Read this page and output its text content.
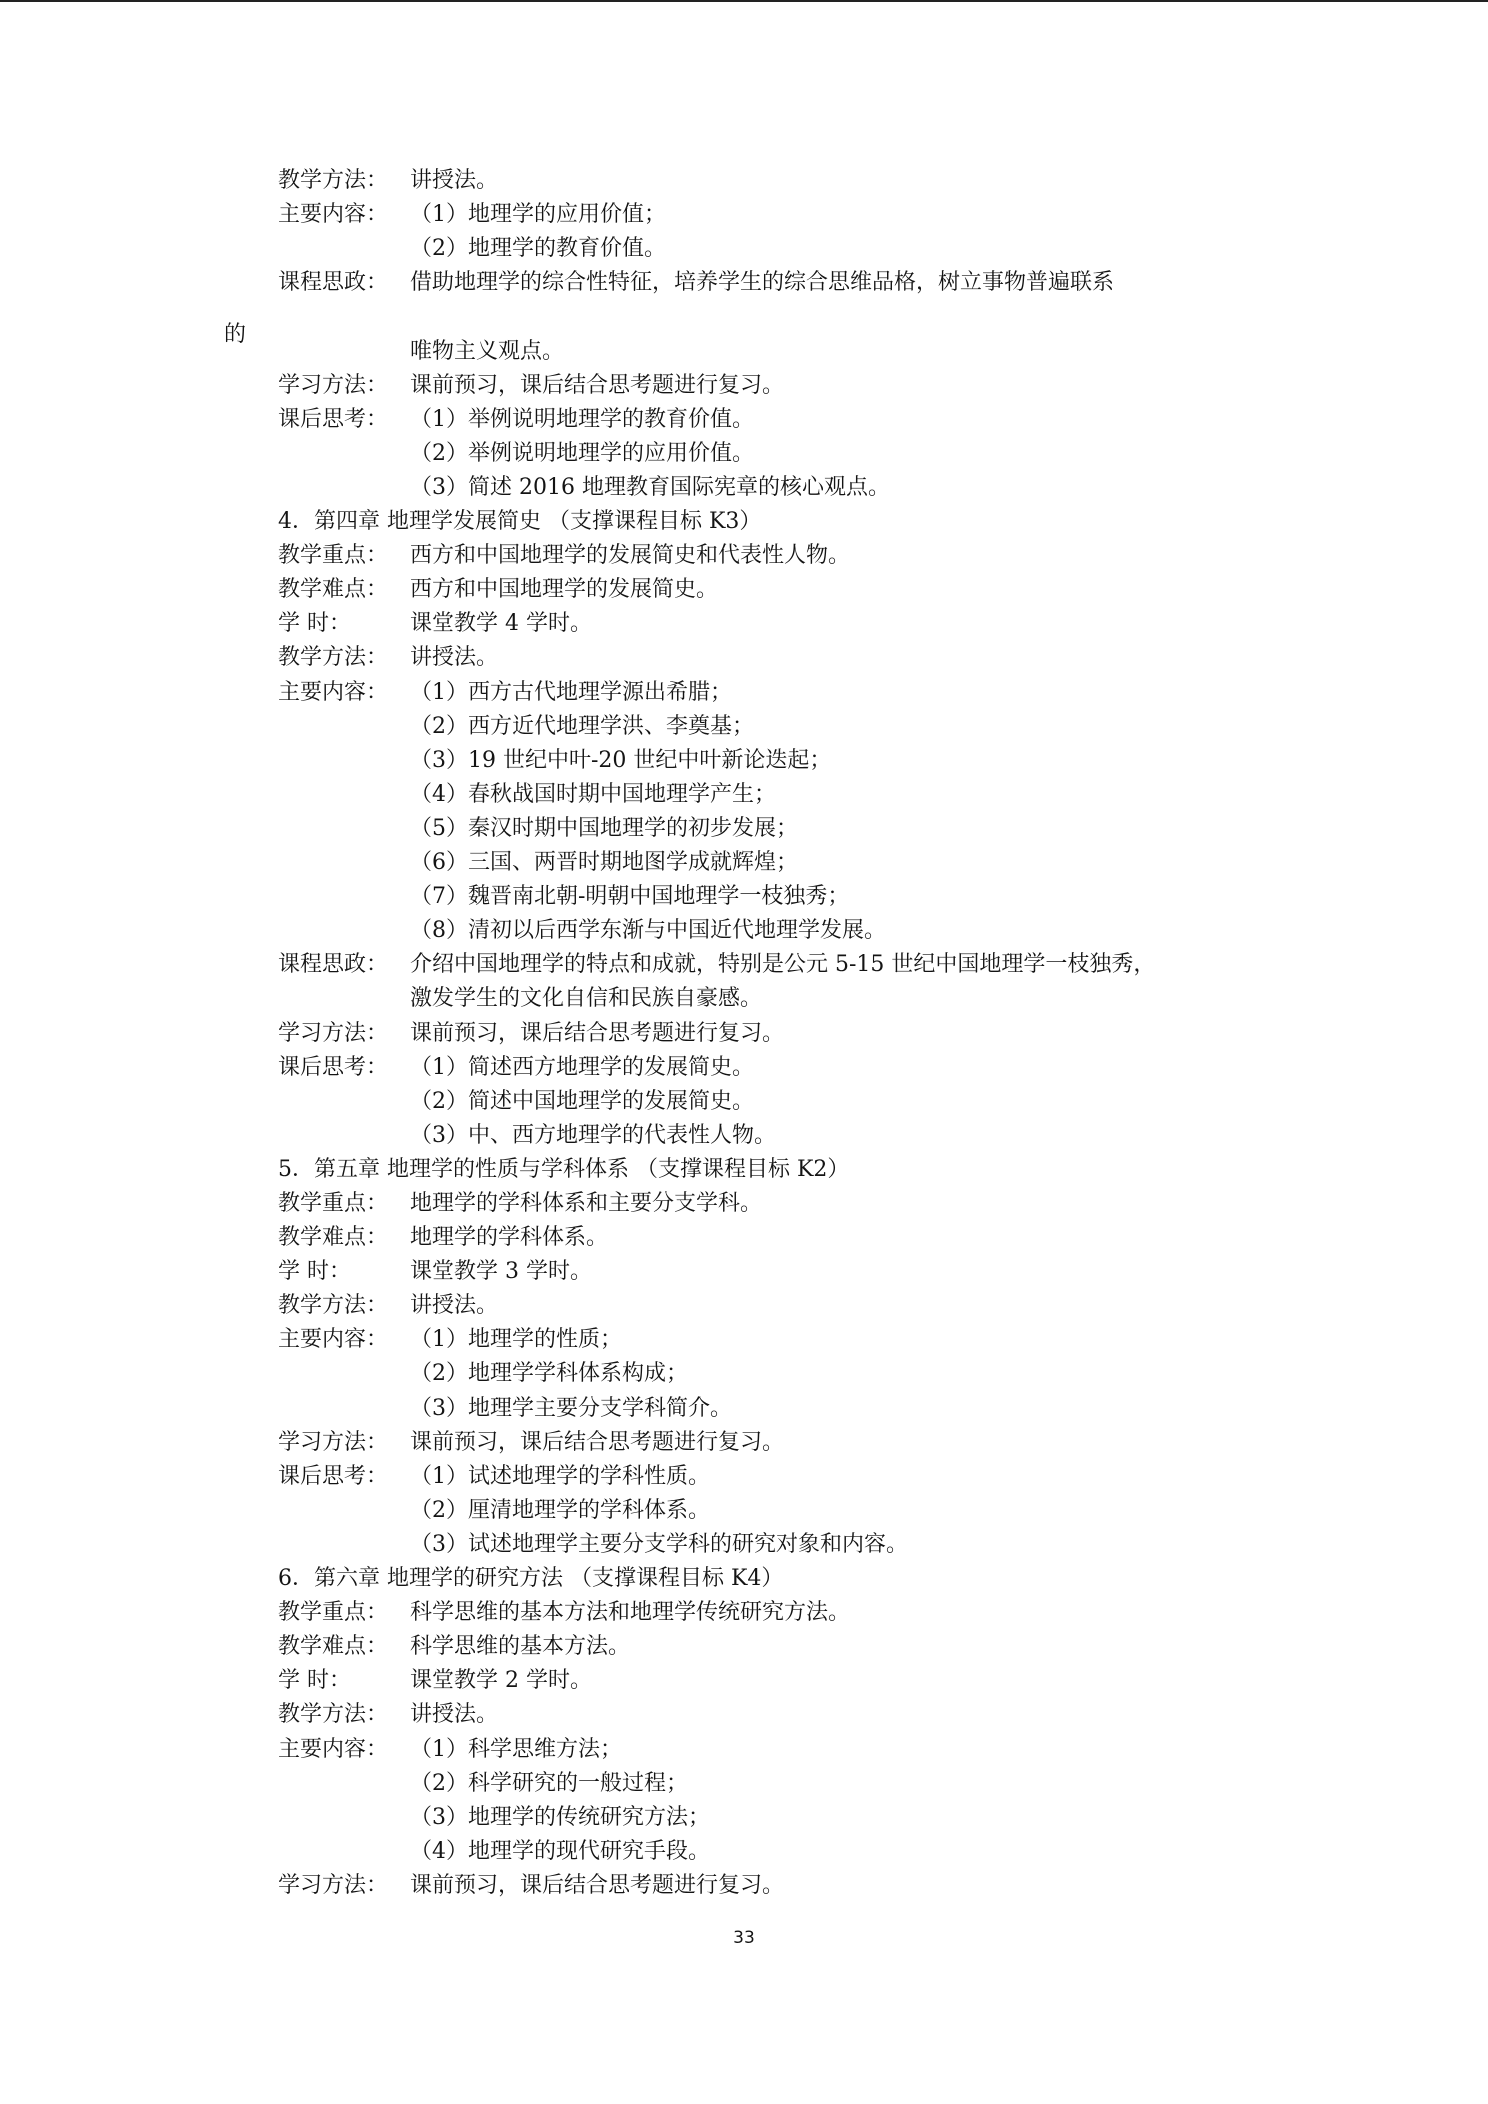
教学方法： 讲授法。
主要内容： （1）地理学的应用价值；
（2）地理学的教育价值。
课程思政： 借助地理学的综合性特征，培养学生的综合思维品格，树立事物普遍联系
唯物主义观点。
学习方法： 课前预习，课后结合思考题进行复习。
课后思考： （1）举例说明地理学的教育价值。
（2）举例说明地理学的应用价值。
（3）简述 2016 地理教育国际宪章的核心观点。
4．第四章 地理学发展简史 （支撑课程目标 K3）
教学重点： 西方和中国地理学的发展简史和代表性人物。
教学难点： 西方和中国地理学的发展简史。
学 时：	课堂教学 4 学时。
教学方法： 讲授法。
主要内容： （1）西方古代地理学源出希腊；
（2）西方近代地理学洪、李奠基；
（3）19 世纪中叶-20 世纪中叶新论迭起；
（4）春秋战国时期中国地理学产生；
（5）秦汉时期中国地理学的初步发展；
（6）三国、两晋时期地图学成就辉煌；
（7）魏晋南北朝-明朝中国地理学一枝独秀；
（8）清初以后西学东渐与中国近代地理学发展。
课程思政： 介绍中国地理学的特点和成就，特别是公元 5-15 世纪中国地理学一枝独秀，
激发学生的文化自信和民族自豪感。
学习方法： 课前预习，课后结合思考题进行复习。
课后思考： （1）简述西方地理学的发展简史。
（2）简述中国地理学的发展简史。
（3）中、西方地理学的代表性人物。
5．第五章 地理学的性质与学科体系 （支撑课程目标 K2）
教学重点： 地理学的学科体系和主要分支学科。
教学难点： 地理学的学科体系。
学 时：	课堂教学 3 学时。
教学方法： 讲授法。
主要内容： （1）地理学的性质；
（2）地理学学科体系构成；
（3）地理学主要分支学科简介。
学习方法： 课前预习，课后结合思考题进行复习。
课后思考： （1）试述地理学的学科性质。
（2）厘清地理学的学科体系。
（3）试述地理学主要分支学科的研究对象和内容。
6．第六章 地理学的研究方法 （支撑课程目标 K4）
教学重点： 科学思维的基本方法和地理学传统研究方法。
教学难点： 科学思维的基本方法。
学 时：	课堂教学 2 学时。
教学方法： 讲授法。
主要内容： （1）科学思维方法；
（2）科学研究的一般过程；
（3）地理学的传统研究方法；
（4）地理学的现代研究手段。
学习方法： 课前预习，课后结合思考题进行复习。
的
33
